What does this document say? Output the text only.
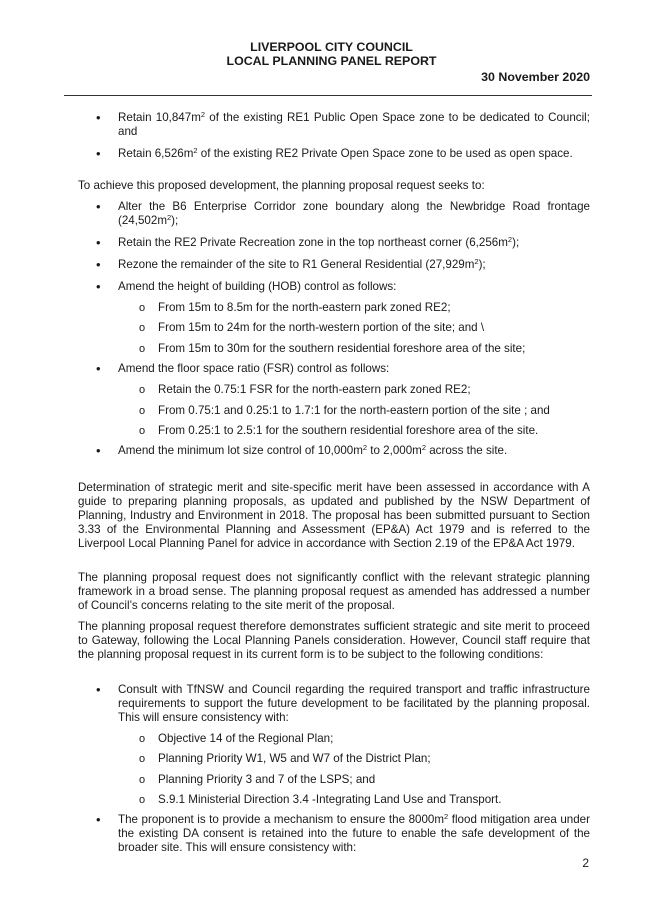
LIVERPOOL CITY COUNCIL
LOCAL PLANNING PANEL REPORT
30 November 2020
•
Retain $10,847m^2$ of the existing RE1 Public Open Space zone to be dedicated to Council; and
•
Retain $6,526m^2$ of the existing RE2 Private Open Space zone to be used as open space.
To achieve this proposed development, the planning proposal request seeks to:
•
Alter the B6 Enterprise Corridor zone boundary along the Newbridge Road frontage $(24,502m^2)$;
•
Retain the RE2 Private Recreation zone in the top northeast corner $(6,256m^2)$;
•
Rezone the remainder of the site to R1 General Residential $(27,929m^2)$;
•
Amend the height of building (HOB) control as follows:
o From 15m to 8.5m for the north-eastern park zoned RE2;
o From 15m to 24m for the north-western portion of the site; and \
o From 15m to 30m for the southern residential foreshore area of the site;
•
Amend the floor space ratio (FSR) control as follows:
o Retain the 0.75:1 FSR for the north-eastern park zoned RE2;
o From 0.75:1 and 0.25:1 to 1.7:1 for the north-eastern portion of the site ; and
o From 0.25:1 to 2.5:1 for the southern residential foreshore area of the site.
•
Amend the minimum lot size control of $10,000m^2$ to $2,000m^2$ across the site.
Determination of strategic merit and site-specific merit have been assessed in accordance with A guide to preparing planning proposals, as updated and published by the NSW Department of Planning, Industry and Environment in 2018. The proposal has been submitted pursuant to Section 3.33 of the Environmental Planning and Assessment (EP&A) Act 1979 and is referred to the Liverpool Local Planning Panel for advice in accordance with Section 2.19 of the EP&A Act 1979.
The planning proposal request does not significantly conflict with the relevant strategic planning framework in a broad sense. The planning proposal request as amended has addressed a number of Council’s concerns relating to the site merit of the proposal.
The planning proposal request therefore demonstrates sufficient strategic and site merit to proceed to Gateway, following the Local Planning Panels consideration. However, Council staff require that the planning proposal request in its current form is to be subject to the following conditions:
•
Consult with TfNSW and Council regarding the required transport and traffic infrastructure requirements to support the future development to be facilitated by the planning proposal. This will ensure consistency with:
o Objective 14 of the Regional Plan;
o Planning Priority W1, W5 and W7 of the District Plan;
o Planning Priority 3 and 7 of the LSPS; and
o S.9.1 Ministerial Direction 3.4 -Integrating Land Use and Transport.
•
The proponent is to provide a mechanism to ensure the $8000m^2$ flood mitigation area under the existing DA consent is retained into the future to enable the safe development of the broader site. This will ensure consistency with:
2
